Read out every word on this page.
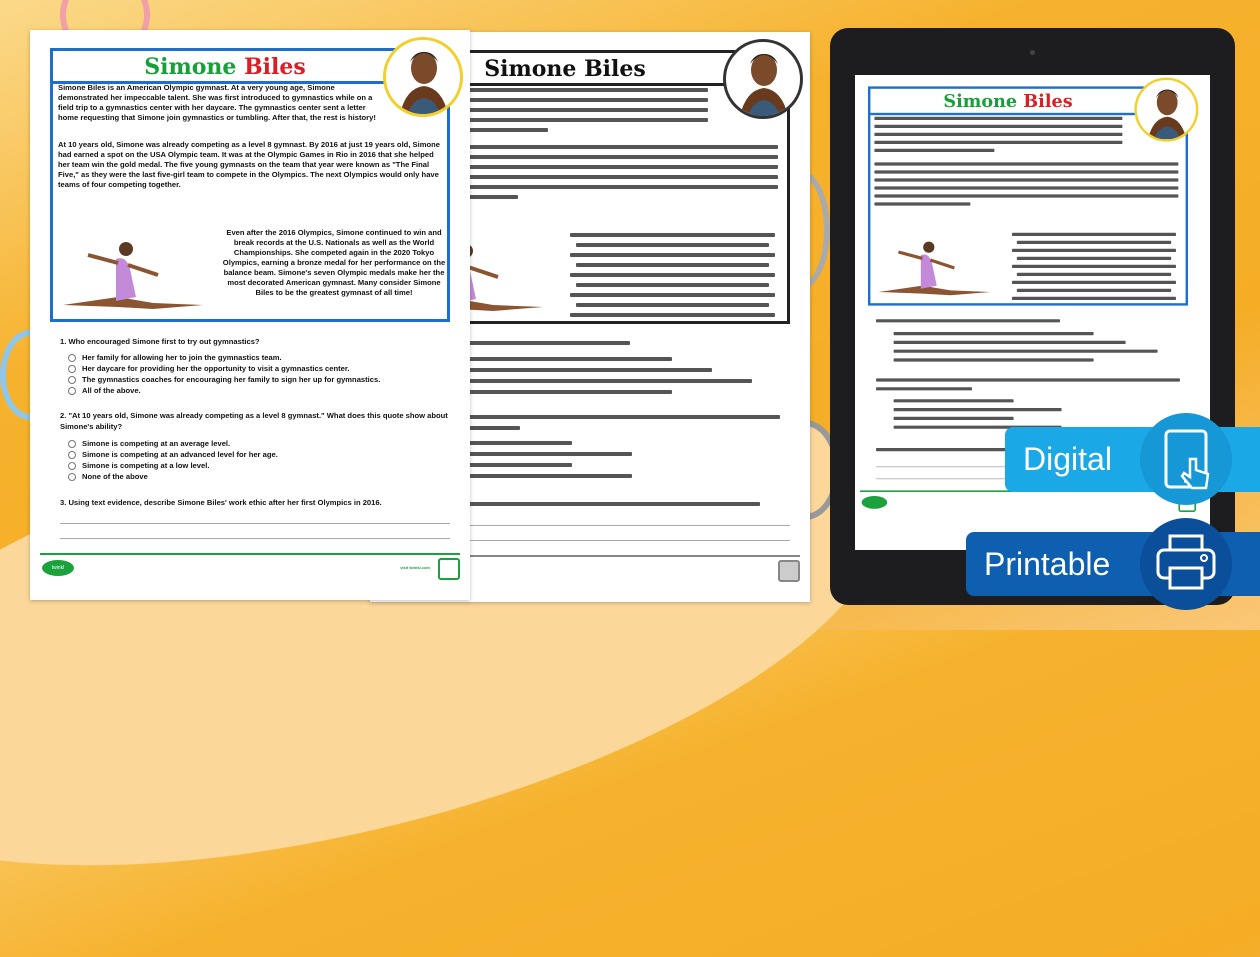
Simone Biles
Simone Biles
Simone Biles is an American Olympic gymnast. At a very young age, Simone demonstrated her impeccable talent. She was first introduced to gymnastics while on a field trip to a gymnastics center with her daycare. The gymnastics center sent a letter home requesting that Simone join gymnastics or tumbling. After that, the rest is history!
At 10 years old, Simone was already competing as a level 8 gymnast. By 2016 at just 19 years old, Simone had earned a spot on the USA Olympic team. It was at the Olympic Games in Rio in 2016 that she helped her team win the gold medal. The five young gymnasts on the team that year were known as "The Final Five," as they were the last five-girl team to compete in the Olympics. The next Olympics would only have teams of four competing together.
Even after the 2016 Olympics, Simone continued to win and break records at the U.S. Nationals as well as the World Championships. She competed again in the 2020 Tokyo Olympics, earning a bronze medal for her performance on the balance beam. Simone's seven Olympic medals make her the most decorated American gymnast. Many consider Simone Biles to be the greatest gymnast of all time!
1. Who encouraged Simone first to try out gymnastics?
Her family for allowing her to join the gymnastics team.
Her daycare for providing her the opportunity to visit a gymnastics center.
The gymnastics coaches for encouraging her family to sign her up for gymnastics.
All of the above.
2. "At 10 years old, Simone was already competing as a level 8 gymnast." What does this quote show about Simone's ability?
Simone is competing at an average level.
Simone is competing at an advanced level for her age.
Simone is competing at a low level.
None of the above
3. Using text evidence, describe Simone Biles' work ethic after her first Olympics in 2016.
twinkl	visit twinkl.com
Simone Biles
Digital
Printable
